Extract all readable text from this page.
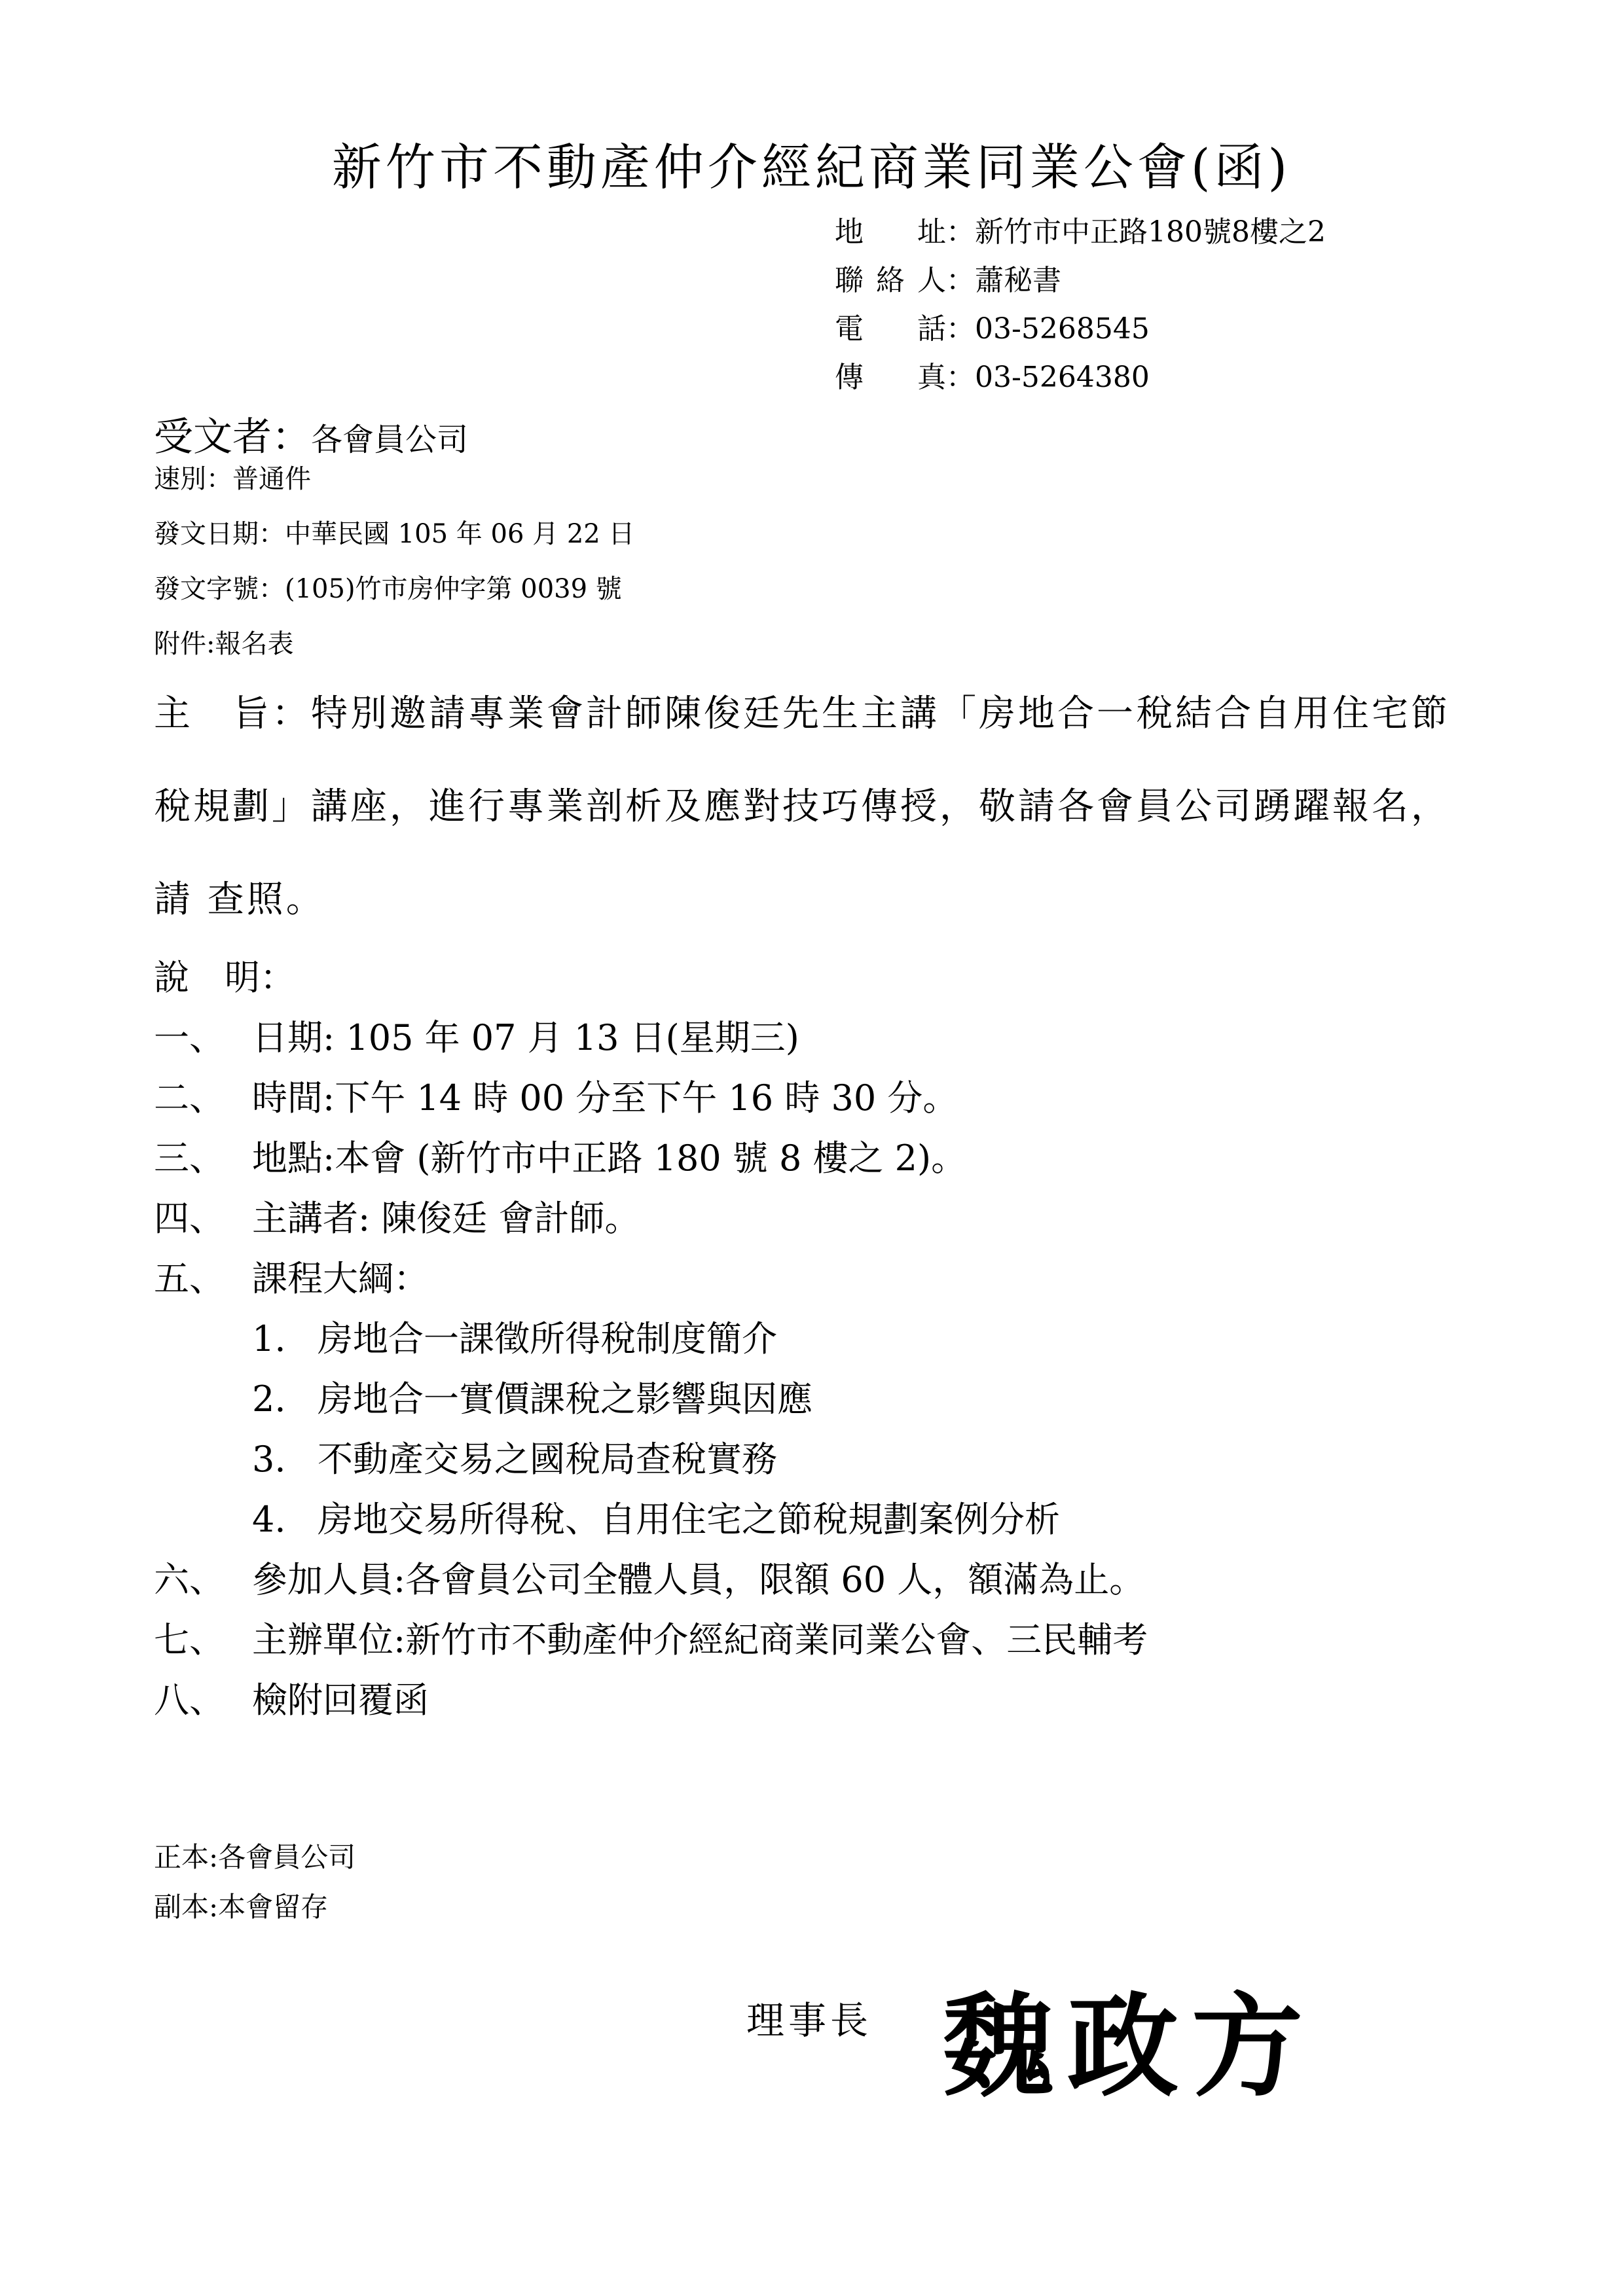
新竹市不動產仲介經紀商業同業公會(函)
地址 ： 新竹市中正路180號8樓之2
聯絡人 ： 蕭秘書
電話 ： 03-5268545
傳真 ： 03-5264380
受文者：各會員公司
速別：普通件
發文日期：中華民國 105 年 06 月 22 日
發文字號：(105)竹市房仲字第 0039 號
附件:報名表
主　旨：特別邀請專業會計師陳俊廷先生主講「房地合一稅結合自用住宅節稅規劃」講座，進行專業剖析及應對技巧傳授，敬請各會員公司踴躍報名，請 查照。
說　明：
一、 日期: 105 年 07 月 13 日(星期三)
二、 時間:下午 14 時 00 分至下午 16 時 30 分。
三、 地點:本會 (新竹市中正路 180 號 8 樓之 2)。
四、 主講者: 陳俊廷 會計師。
五、 課程大綱：
1. 房地合一課徵所得稅制度簡介
2. 房地合一實價課稅之影響與因應
3. 不動產交易之國稅局查稅實務
4. 房地交易所得稅、自用住宅之節稅規劃案例分析
六、 參加人員:各會員公司全體人員，限額 60 人，額滿為止。
七、 主辦單位:新竹市不動產仲介經紀商業同業公會、三民輔考
八、 檢附回覆函
正本:各會員公司
副本:本會留存
理事長 魏政方
